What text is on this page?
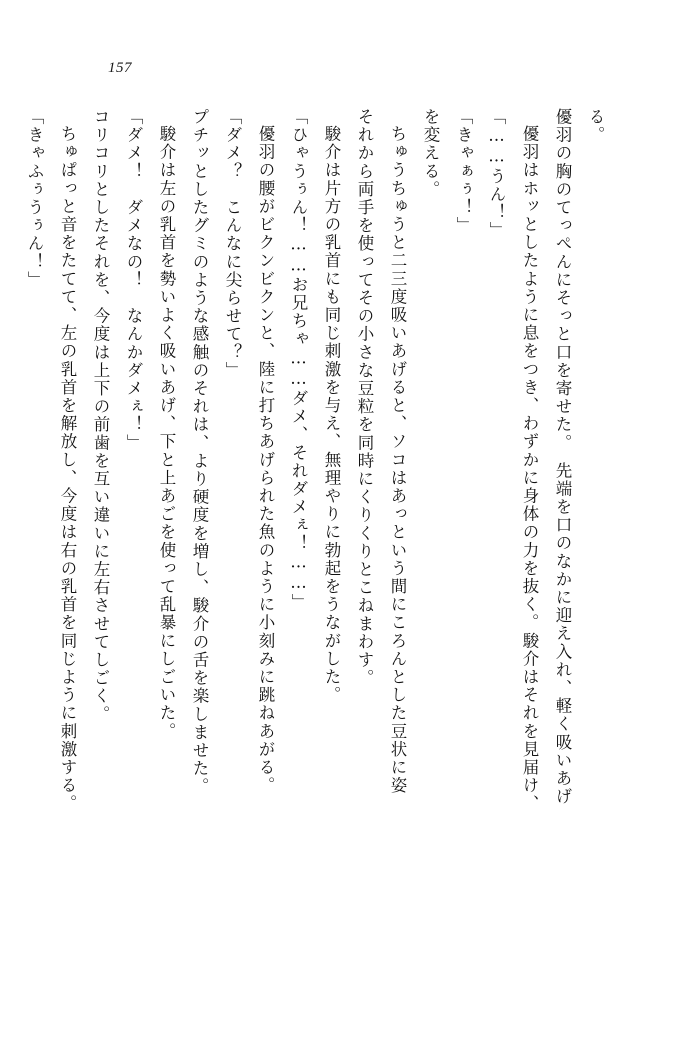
157

る。

優羽の胸のてっぺんにそっと口を寄せた。　先端を口のなかに迎え入れ、軽く吸いあげ

優羽はホッとしたように息をつき、わずかに身体の力を抜く。駿介はそれを見届け、

「……うん！」

「きゃぁぅ！」

を変える。

ちゅうちゅうと二三度吸いあげると、ソコはあっという間にころんとした豆状に姿

それから両手を使ってその小さな豆粒を同時にくりくりとこねまわす。

駿介は片方の乳首にも同じ刺激を与え、無理やりに勃起をうながした。

「ひゃうぅん！……お兄ちゃ……ダメ、それダメぇ！……」

優羽の腰がビクンビクンと、陸に打ちあげられた魚のように小刻みに跳ねあがる。

「ダメ？　こんなに尖らせて？」

プチッとしたグミのような感触のそれは、より硬度を増し、駿介の舌を楽しませた。

駿介は左の乳首を勢いよく吸いあげ、下と上あごを使って乱暴にしごいた。

「ダメ！　ダメなの！　なんかダメぇ！」

コリコリとしたそれを、今度は上下の前歯を互い違いに左右させてしごく。

ちゅぱっと音をたてて、左の乳首を解放し、今度は右の乳首を同じように刺激する。

「きゃふぅうぅん！」
